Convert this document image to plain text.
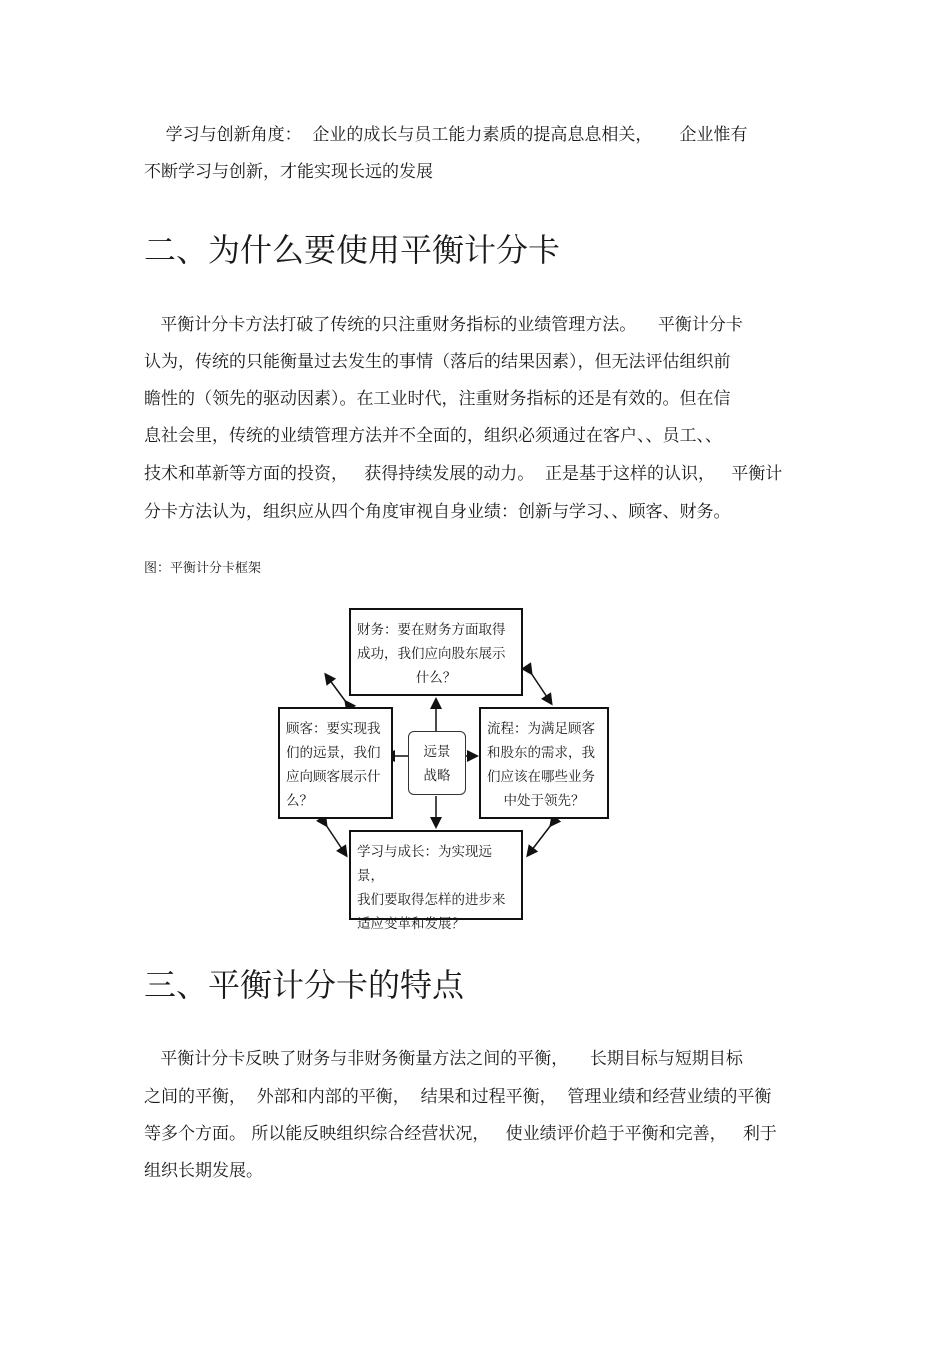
学习与创新角度：  企业的成长与员工能力素质的提高息息相关，     企业惟有
不断学习与创新，才能实现长远的发展
二、为什么要使用平衡计分卡
平衡计分卡方法打破了传统的只注重财务指标的业绩管理方法。    平衡计分卡
认为，传统的只能衡量过去发生的事情（落后的结果因素），但无法评估组织前
瞻性的（领先的驱动因素）。在工业时代，注重财务指标的还是有效的。但在信
息社会里，传统的业绩管理方法并不全面的，组织必须通过在客户、、员工、、
技术和革新等方面的投资，   获得持续发展的动力。  正是基于这样的认识，   平衡计
分卡方法认为，组织应从四个角度审视自身业绩：创新与学习、、顾客、财务。
图：平衡计分卡框架
财务：要在财务方面取得
成功，我们应向股东展示
什么？
顾客：要实现我
们的远景，我们
应向顾客展示什
么？
远景
战略
流程：为满足顾客
和股东的需求，我
们应该在哪些业务
中处于领先？
学习与成长：为实现远景，
我们要取得怎样的进步来
适应变革和发展？
三、平衡计分卡的特点
平衡计分卡反映了财务与非财务衡量方法之间的平衡，    长期目标与短期目标
之间的平衡，  外部和内部的平衡，  结果和过程平衡，  管理业绩和经营业绩的平衡
等多个方面。 所以能反映组织综合经营状况，   使业绩评价趋于平衡和完善，   利于
组织长期发展。
